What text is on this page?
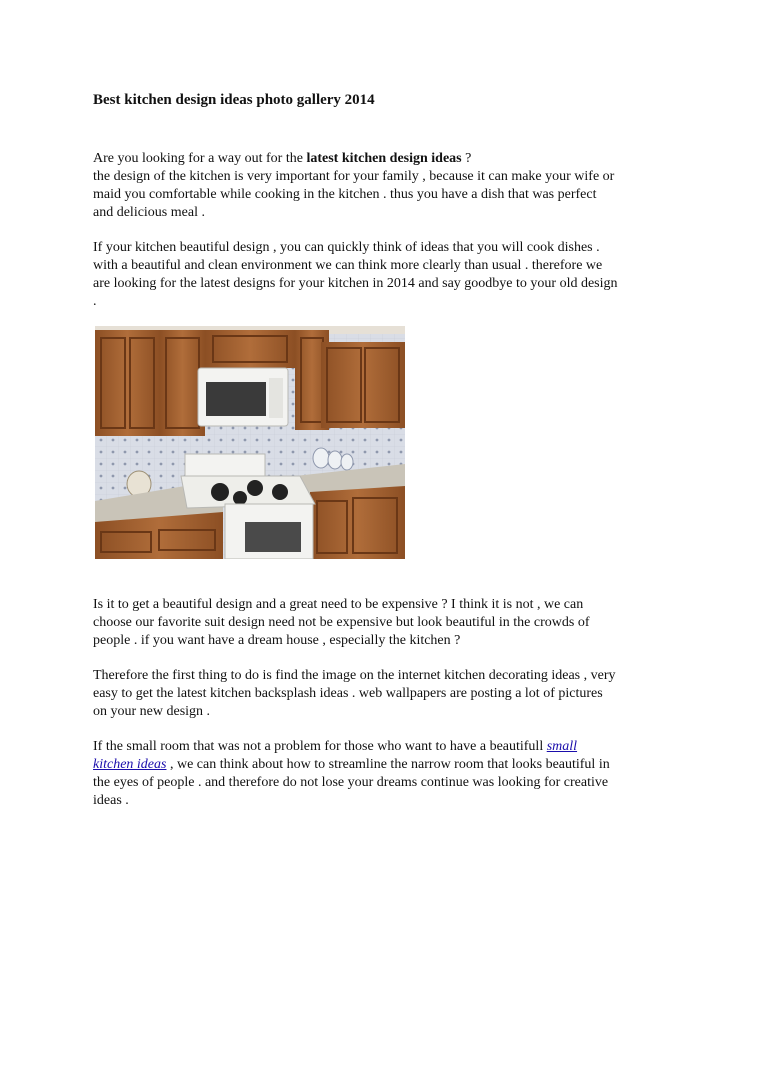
Best kitchen design ideas photo gallery 2014

Are you looking for a way out for the latest kitchen design ideas ?
the design of the kitchen is very important for your family , because it can make your wife or
maid you comfortable while cooking in the kitchen . thus you have a dish that was perfect
and delicious meal .

If your kitchen beautiful design , you can quickly think of ideas that you will cook dishes .
with a beautiful and clean environment we can think more clearly than usual . therefore we
are looking for the latest designs for your kitchen in 2014 and say goodbye to your old design
.

Is it to get a beautiful design and a great need to be expensive ? I think it is not , we can
choose our favorite suit design need not be expensive but look beautiful in the crowds of
people . if you want have a dream house , especially the kitchen ?

Therefore the first thing to do is find the image on the internet kitchen decorating ideas , very
easy to get the latest kitchen backsplash ideas . web wallpapers are posting a lot of pictures
on your new design .

If the small room that was not a problem for those who want to have a beautifull small
kitchen ideas , we can think about how to streamline the narrow room that looks beautiful in
the eyes of people . and therefore do not lose your dreams continue was looking for creative
ideas .
